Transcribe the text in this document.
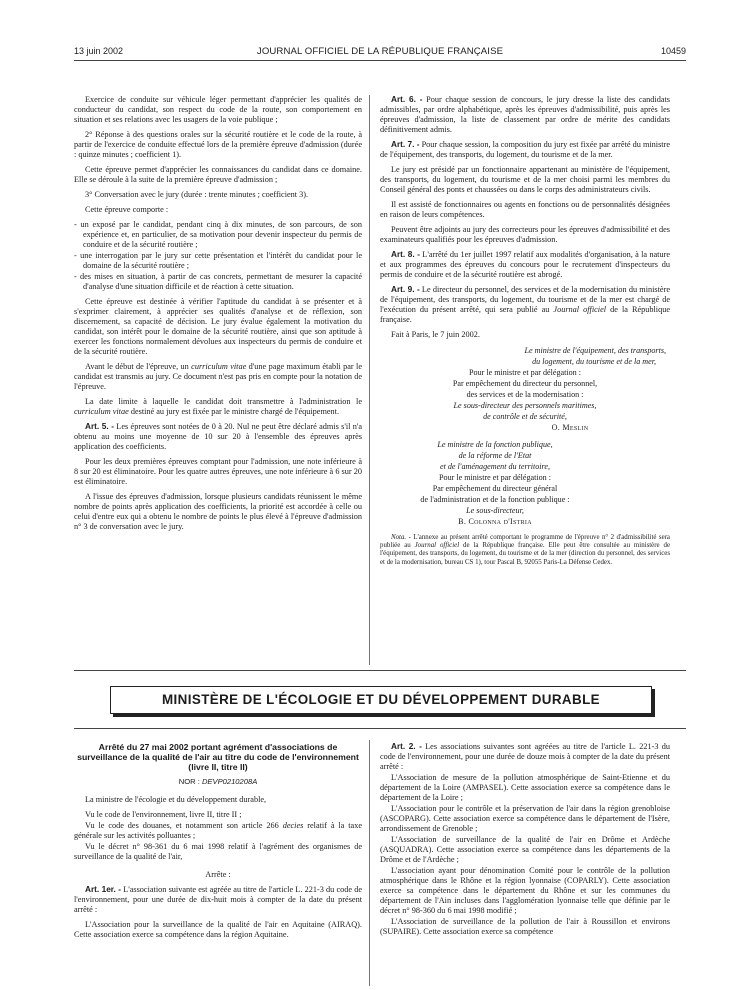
13 juin 2002	JOURNAL OFFICIEL DE LA RÉPUBLIQUE FRANÇAISE	10459

Exercice de conduite sur véhicule léger permettant d'apprécier les qualités de conducteur du candidat, son respect du code de la route, son comportement en situation et ses relations avec les usagers de la voie publique ;

2° Réponse à des questions orales sur la sécurité routière et le code de la route, à partir de l'exercice de conduite effectué lors de la première épreuve d'admission (durée : quinze minutes ; coefficient 1).

Cette épreuve permet d'apprécier les connaissances du candidat dans ce domaine. Elle se déroule à la suite de la première épreuve d'admission ;

3° Conversation avec le jury (durée : trente minutes ; coefficient 3).

Cette épreuve comporte :

- un exposé par le candidat, pendant cinq à dix minutes, de son parcours, de son expérience et, en particulier, de sa motivation pour devenir inspecteur du permis de conduire et de la sécurité routière ;
- une interrogation par le jury sur cette présentation et l'intérêt du candidat pour le domaine de la sécurité routière ;
- des mises en situation, à partir de cas concrets, permettant de mesurer la capacité d'analyse d'une situation difficile et de réaction à cette situation.

Cette épreuve est destinée à vérifier l'aptitude du candidat à se présenter et à s'exprimer clairement, à apprécier ses qualités d'analyse et de réflexion, son discernement, sa capacité de décision. Le jury évalue également la motivation du candidat, son intérêt pour le domaine de la sécurité routière, ainsi que son aptitude à exercer les fonctions normalement dévolues aux inspecteurs du permis de conduire et de la sécurité routière.

Avant le début de l'épreuve, un curriculum vitae d'une page maximum établi par le candidat est transmis au jury. Ce document n'est pas pris en compte pour la notation de l'épreuve.

La date limite à laquelle le candidat doit transmettre à l'administration le curriculum vitae destiné au jury est fixée par le ministre chargé de l'équipement.

Art. 5. - Les épreuves sont notées de 0 à 20. Nul ne peut être déclaré admis s'il n'a obtenu au moins une moyenne de 10 sur 20 à l'ensemble des épreuves après application des coefficients.

Pour les deux premières épreuves comptant pour l'admission, une note inférieure à 8 sur 20 est éliminatoire. Pour les quatre autres épreuves, une note inférieure à 6 sur 20 est éliminatoire.

A l'issue des épreuves d'admission, lorsque plusieurs candidats réunissent le même nombre de points après application des coefficients, la priorité est accordée à celle ou celui d'entre eux qui a obtenu le nombre de points le plus élevé à l'épreuve d'admission n° 3 de conversation avec le jury.

Art. 6. - Pour chaque session de concours, le jury dresse la liste des candidats admissibles, par ordre alphabétique, après les épreuves d'admissibilité, puis après les épreuves d'admission, la liste de classement par ordre de mérite des candidats définitivement admis.

Art. 7. - Pour chaque session, la composition du jury est fixée par arrêté du ministre de l'équipement, des transports, du logement, du tourisme et de la mer.

Le jury est présidé par un fonctionnaire appartenant au ministère de l'équipement, des transports, du logement, du tourisme et de la mer choisi parmi les membres du Conseil général des ponts et chaussées ou dans le corps des administrateurs civils.

Il est assisté de fonctionnaires ou agents en fonctions ou de personnalités désignées en raison de leurs compétences.

Peuvent être adjoints au jury des correcteurs pour les épreuves d'admissibilité et des examinateurs qualifiés pour les épreuves d'admission.

Art. 8. - L'arrêté du 1er juillet 1997 relatif aux modalités d'organisation, à la nature et aux programmes des épreuves du concours pour le recrutement d'inspecteurs du permis de conduire et de la sécurité routière est abrogé.

Art. 9. - Le directeur du personnel, des services et de la modernisation du ministère de l'équipement, des transports, du logement, du tourisme et de la mer est chargé de l'exécution du présent arrêté, qui sera publié au Journal officiel de la République française.

Fait à Paris, le 7 juin 2002.

Le ministre de l'équipement, des transports,
du logement, du tourisme et de la mer,
Pour le ministre et par délégation :
Par empêchement du directeur du personnel,
des services et de la modernisation :
Le sous-directeur des personnels maritimes,
de contrôle et de sécurité,
O. Meslin
Le ministre de la fonction publique,
de la réforme de l'Etat
et de l'aménagement du territoire,
Pour le ministre et par délégation :
Par empêchement du directeur général
de l'administration et de la fonction publique :
Le sous-directeur,
B. Colonna d'Istria
Nota. - L'annexe au présent arrêté comportant le programme de l'épreuve n° 2 d'admissibilité sera publiée au Journal officiel de la République française. Elle peut être consultée au ministère de l'équipement, des transports, du logement, du tourisme et de la mer (direction du personnel, des services et de la modernisation, bureau CS 1), tour Pascal B, 92055 Paris-La Défense Cedex.
MINISTÈRE DE L'ÉCOLOGIE ET DU DÉVELOPPEMENT DURABLE
Arrêté du 27 mai 2002 portant agrément d'associations de surveillance de la qualité de l'air au titre du code de l'environnement (livre II, titre II)
NOR : DEVP0210208A

La ministre de l'écologie et du développement durable,

Vu le code de l'environnement, livre II, titre II ;

Vu le code des douanes, et notamment son article 266 decies relatif à la taxe générale sur les activités polluantes ;

Vu le décret n° 98-361 du 6 mai 1998 relatif à l'agrément des organismes de surveillance de la qualité de l'air,

Arrête :

Art. 1er. - L'association suivante est agréée au titre de l'article L. 221-3 du code de l'environnement, pour une durée de dix-huit mois à compter de la date du présent arrêté :

L'Association pour la surveillance de la qualité de l'air en Aquitaine (AIRAQ). Cette association exerce sa compétence dans la région Aquitaine.

Art. 2. - Les associations suivantes sont agréées au titre de l'article L. 221-3 du code de l'environnement, pour une durée de douze mois à compter de la date du présent arrêté :

L'Association de mesure de la pollution atmosphérique de Saint-Etienne et du département de la Loire (AMPASEL). Cette association exerce sa compétence dans le département de la Loire ;

L'Association pour le contrôle et la préservation de l'air dans la région grenobloise (ASCOPARG). Cette association exerce sa compétence dans le département de l'Isère, arrondissement de Grenoble ;

L'Association de surveillance de la qualité de l'air en Drôme et Ardèche (ASQUADRA). Cette association exerce sa compétence dans les départements de la Drôme et de l'Ardèche ;

L'association ayant pour dénomination Comité pour le contrôle de la pollution atmosphérique dans le Rhône et la région lyonnaise (COPARLY). Cette association exerce sa compétence dans le département du Rhône et sur les communes du département de l'Ain incluses dans l'agglomération lyonnaise telle que définie par le décret n° 98-360 du 6 mai 1998 modifié ;

L'Association de surveillance de la pollution de l'air à Roussillon et environs (SUPAIRE). Cette association exerce sa compétence
